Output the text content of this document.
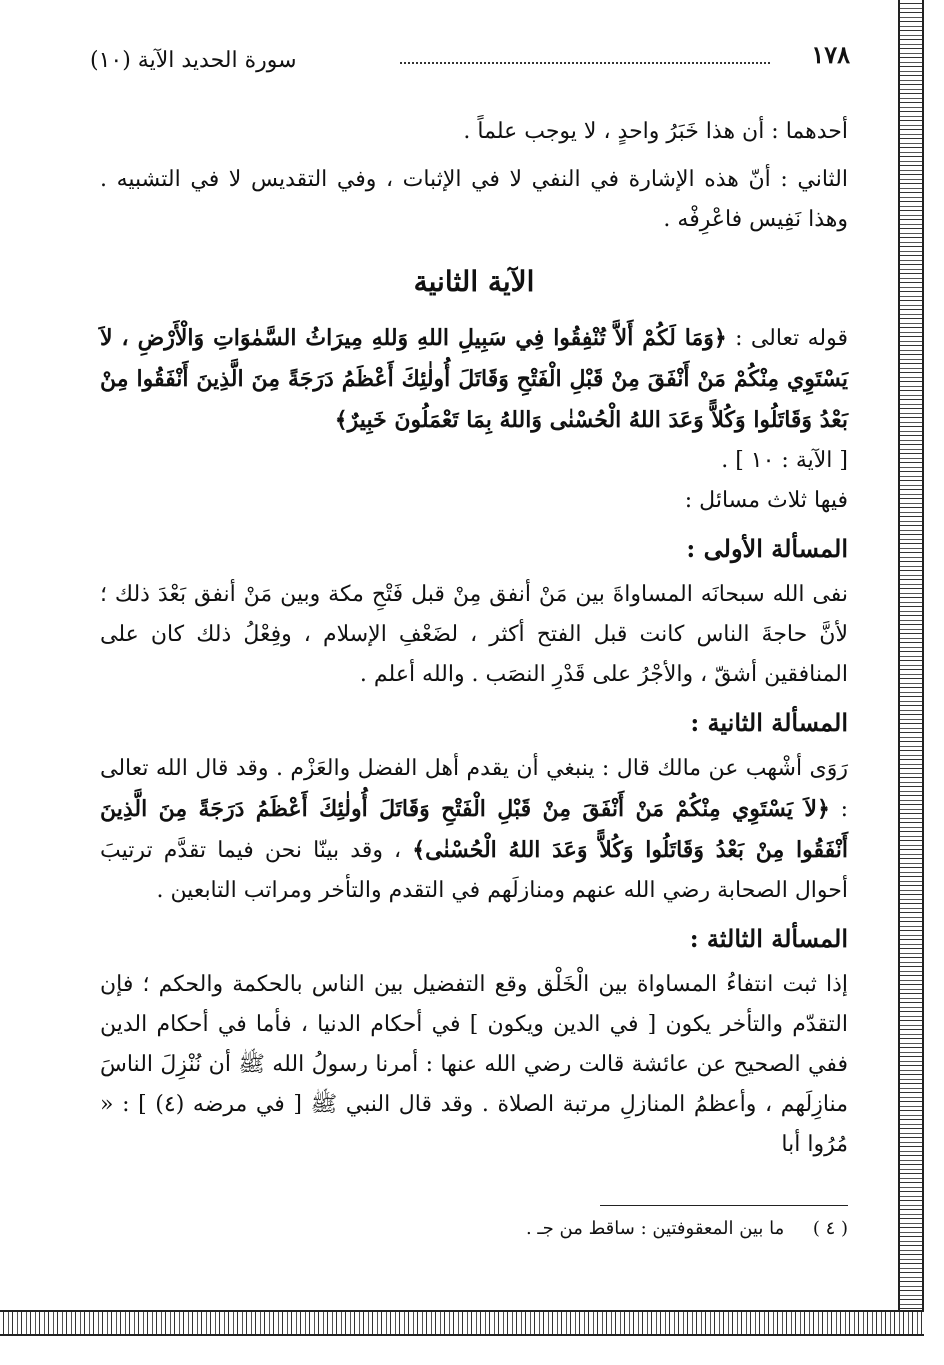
١٧٨
سورة الحديد الآية (١٠)

أحدهما : أن هذا خَبَرُ واحدٍ ، لا يوجب علماً .

الثاني : أنّ هذه الإشارة في النفي لا في الإثبات ، وفي التقديس لا في التشبيه . وهذا نَفِيس فاعْرِفْه .

الآية الثانية

قوله تعالى : ﴿وَمَا لَكُمْ أَلاَّ تُنْفِقُوا فِي سَبِيلِ اللهِ وَللهِ مِيرَاثُ السَّمٰوَاتِ وَالْأَرْضِ ، لاَ يَسْتَوِي مِنْكُمْ مَنْ أَنْفَقَ مِنْ قَبْلِ الْفَتْحِ وَقَاتَلَ أُولٰئِكَ أَعْظَمُ دَرَجَةً مِنَ الَّذِينَ أَنْفَقُوا مِنْ بَعْدُ وَقَاتَلُوا وَكُلاًّ وَعَدَ اللهُ الْحُسْنٰى وَاللهُ بِمَا تَعْمَلُونَ خَبِيرٌ﴾
[ الآية : ١٠ ] .
فيها ثلاث مسائل :

المسألة الأولى :

نفى الله سبحانَه المساواةَ بين مَنْ أنفق مِنْ قبل فَتْحِ مكة وبين مَنْ أنفق بَعْدَ ذلك ؛ لأنَّ حاجةَ الناس كانت قبل الفتح أكثر ، لضَعْفِ الإسلام ، وفِعْلُ ذلك كان على المنافقين أشقّ ، والأجْرُ على قَدْرِ النصَب . والله أعلم .

المسألة الثانية :

رَوَى أشْهب عن مالك قال : ينبغي أن يقدم أهل الفضل والعَزْم . وقد قال الله تعالى : ﴿لاَ يَسْتَوِي مِنْكُمْ مَنْ أَنْفَقَ مِنْ قَبْلِ الْفَتْحِ وَقَاتَلَ أُولٰئِكَ أَعْظَمُ دَرَجَةً مِنَ الَّذِينَ أَنْفَقُوا مِنْ بَعْدُ وَقَاتَلُوا وَكُلاًّ وَعَدَ اللهُ الْحُسْنٰى﴾ ، وقد بينّا نحن فيما تقدَّم ترتيبَ أحوال الصحابة رضي الله عنهم ومنازلَهم في التقدم والتأخر ومراتب التابعين .

المسألة الثالثة :

إذا ثبت انتفاءُ المساواة بين الْخَلْق وقع التفضيل بين الناس بالحكمة والحكم ؛ فإن التقدّم والتأخر يكون [ في الدين ويكون ] في أحكام الدنيا ، فأما في أحكام الدين ففي الصحيح عن عائشة قالت رضي الله عنها : أمرنا رسولُ الله ﷺ أن نُنْزِلَ الناسَ منازِلَهم ، وأعظمُ المنازلِ مرتبة الصلاة . وقد قال النبي ﷺ [ في مرضه (٤) ] : « مُرُوا أبا

( ٤ )     ما بين المعقوفتين : ساقط من جـ .
